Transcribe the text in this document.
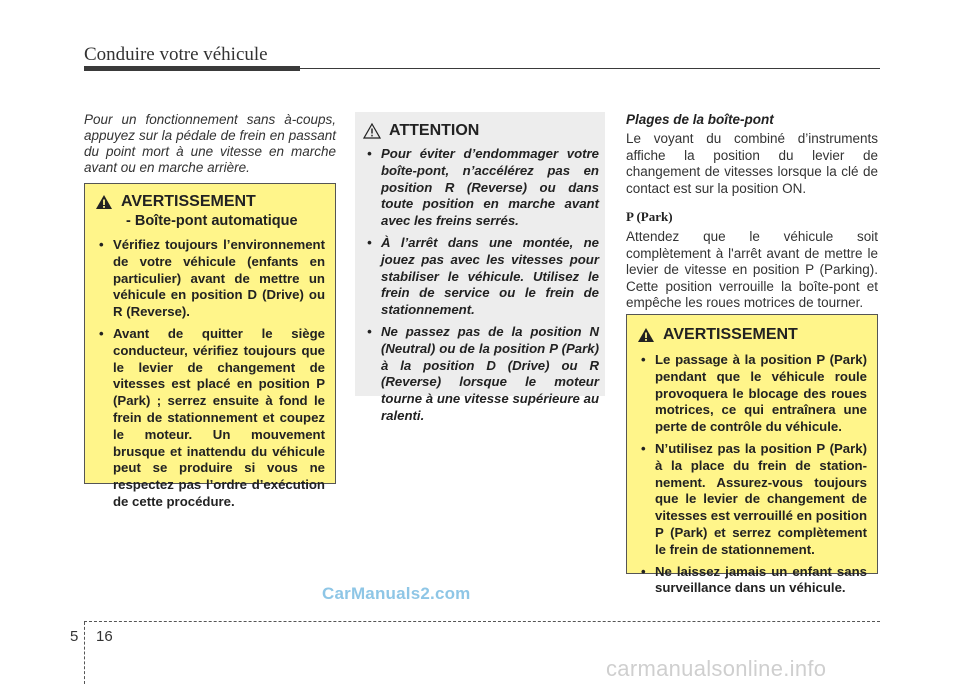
Conduire votre véhicule
Pour un fonctionnement sans à-coups, appuyez sur la pédale de frein en passant du point mort à une vitesse en marche avant ou en marche arrière.
AVERTISSEMENT
- Boîte-pont automatique
• Vérifiez toujours l’environnement de votre véhicule (enfants en particulier) avant de mettre un véhicule en position D (Drive) ou R (Reverse).
• Avant de quitter le siège conducteur, vérifiez toujours que le levier de changement de vitesses est placé en position P (Park) ; serrez ensuite à fond le frein de stationnement et coupez le moteur. Un mouvement brusque et inattendu du véhicule peut se produire si vous ne respectez pas l’ordre d’exécution de cette procédure.
ATTENTION
• Pour éviter d’endommager votre boîte-pont, n’accélérez pas en position R (Reverse) ou dans toute position en marche avant avec les freins serrés.
• À l’arrêt dans une montée, ne jouez pas avec les vitesses pour stabiliser le véhicule. Utilisez le frein de service ou le frein de stationnement.
• Ne passez pas de la position N (Neutral) ou de la position P (Park) à la position D (Drive) ou R (Reverse) lorsque le moteur tourne à une vitesse supérieure au ralenti.
Plages de la boîte-pont
Le voyant du combiné d’instruments affiche la position du levier de changement de vitesses lorsque la clé de contact est sur la position ON.
P (Park)
Attendez que le véhicule soit complètement à l'arrêt avant de mettre le levier de vitesse en position P (Parking). Cette position verrouille la boîte-pont et empêche les roues motrices de tourner.
AVERTISSEMENT
• Le passage à la position P (Park) pendant que le véhicule roule provoquera le blocage des roues motrices, ce qui entraînera une perte de contrôle du véhicule.
• N’utilisez pas la position P (Park) à la place du frein de station-nement. Assurez-vous toujours que le levier de changement de vitesses est verrouillé en position P (Park) et serrez complètement le frein de stationnement.
• Ne laissez jamais un enfant sans surveillance dans un véhicule.
CarManuals2.com
5 16
carmanualsonline.info
